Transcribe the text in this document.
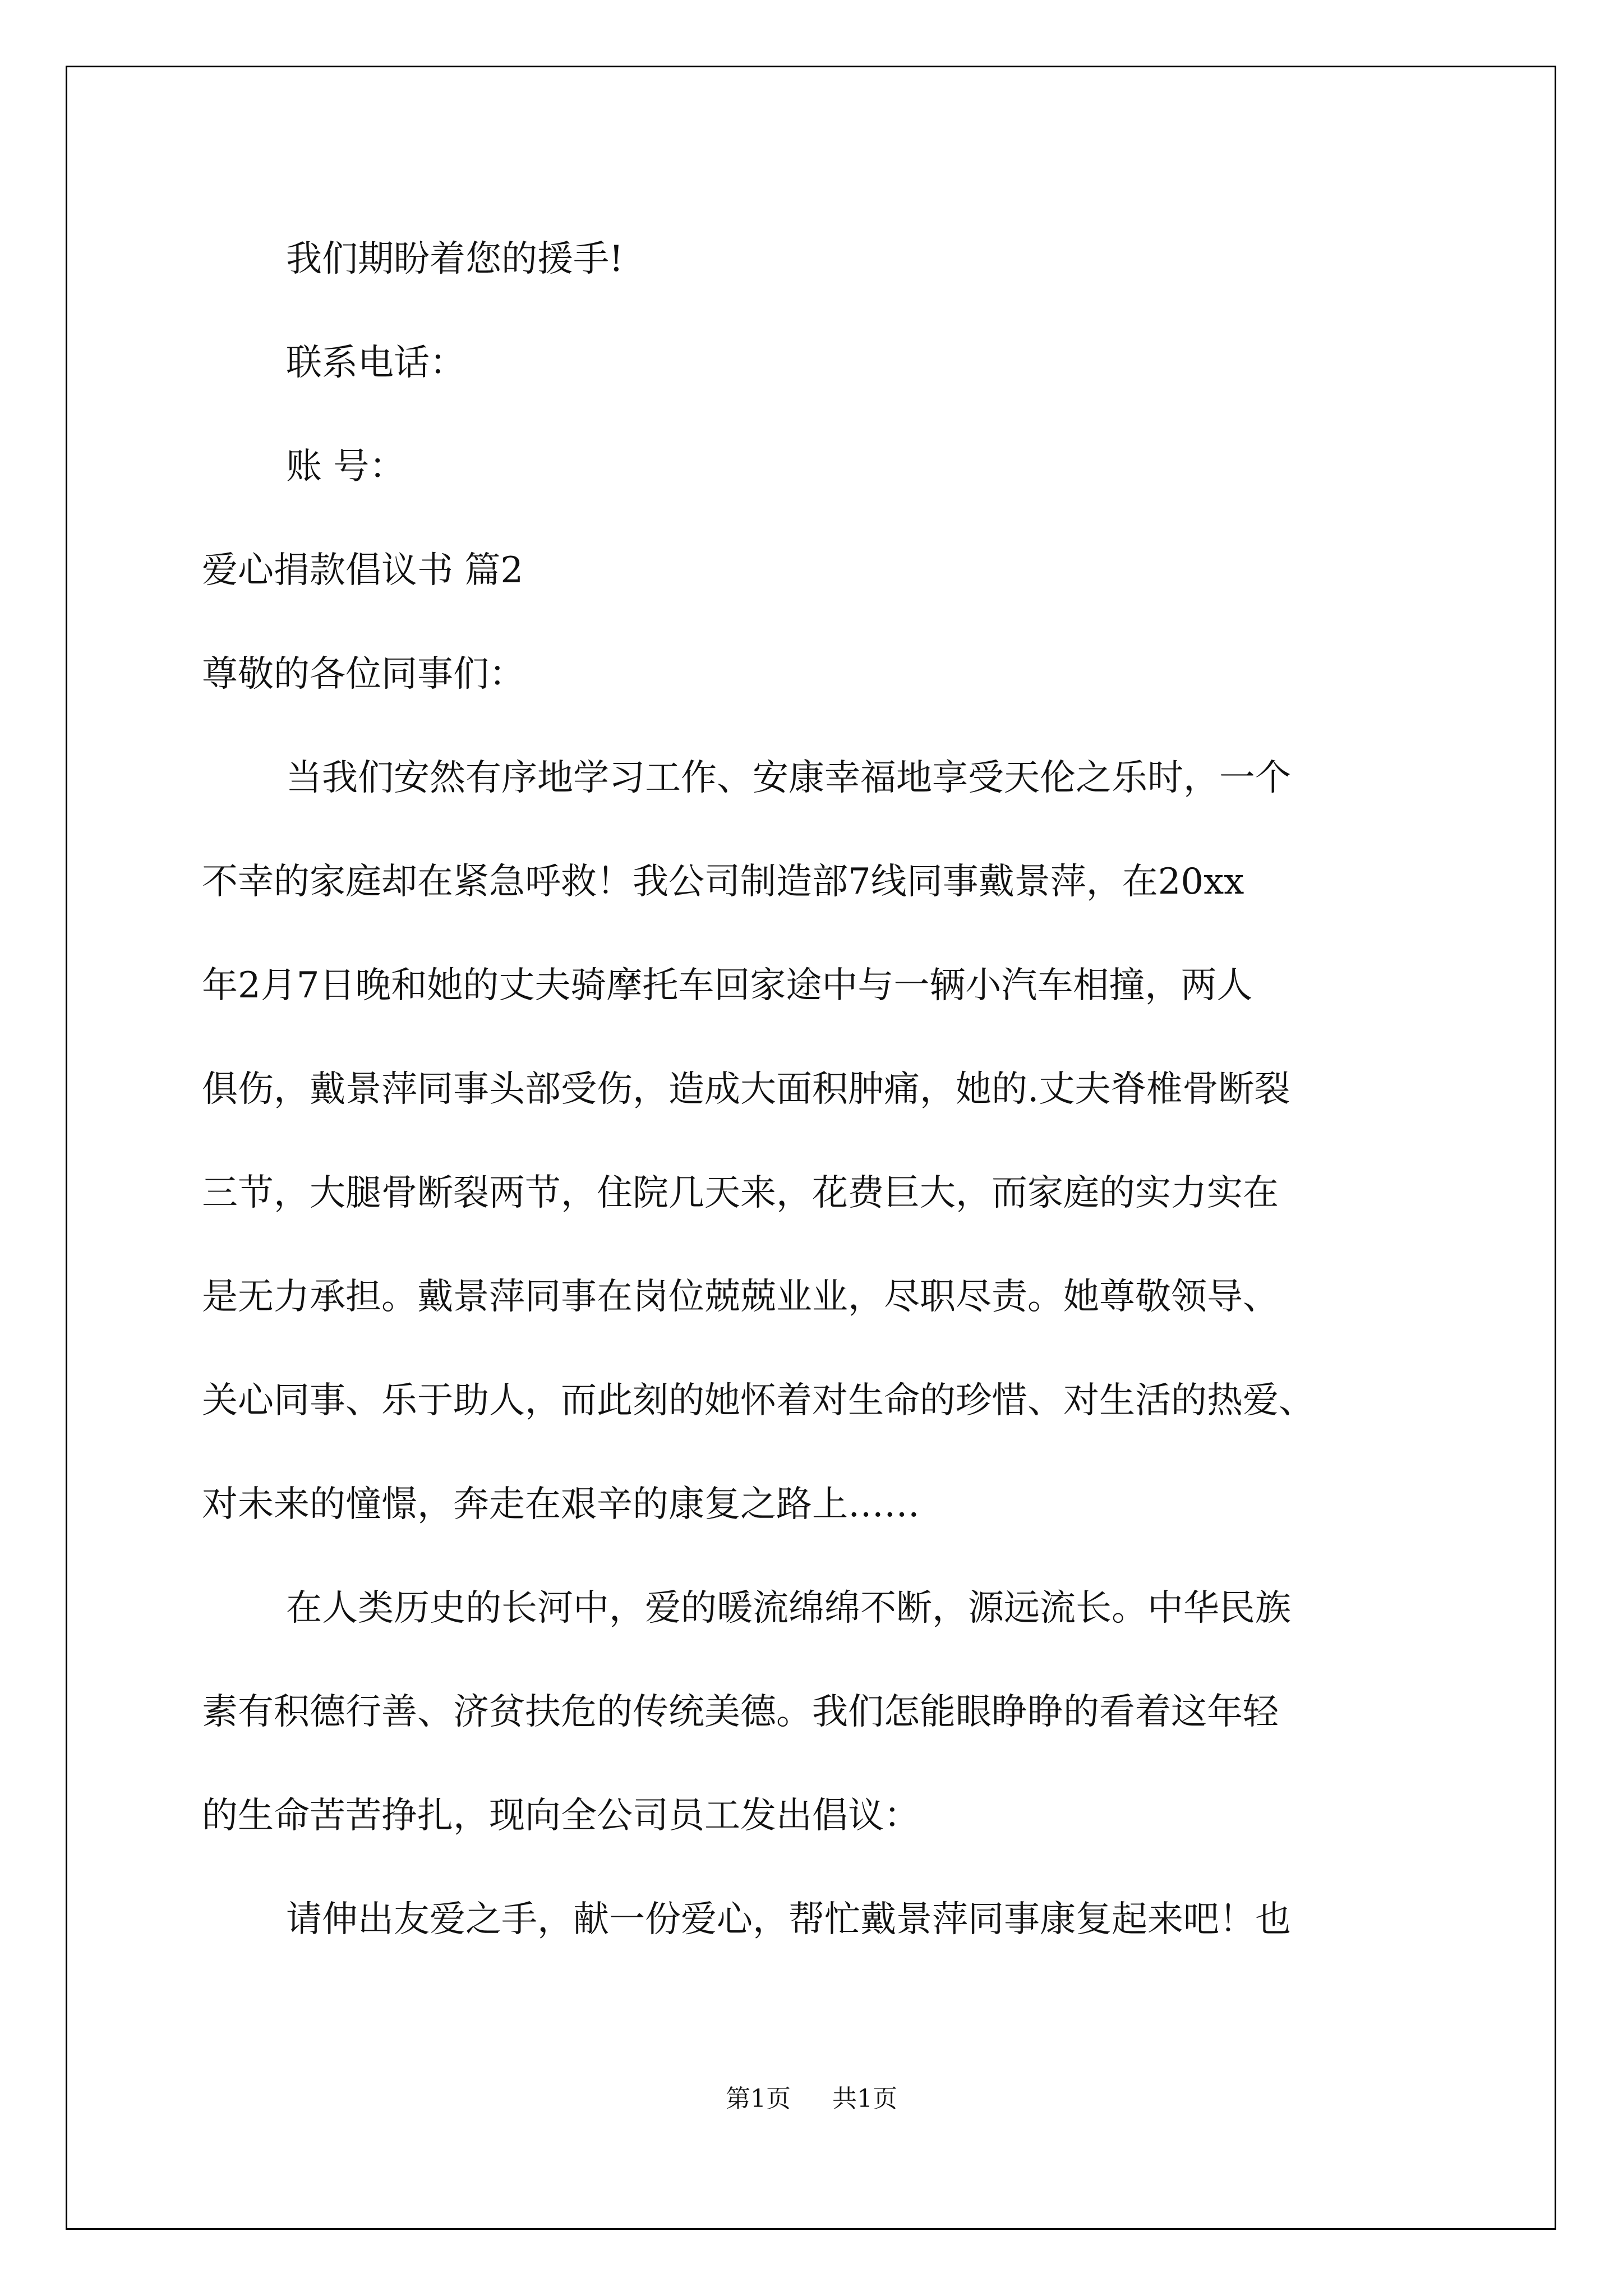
我们期盼着您的援手!
联系电话：
账 号：
爱心捐款倡议书 篇2
尊敬的各位同事们：
当我们安然有序地学习工作、安康幸福地享受天伦之乐时，一个
不幸的家庭却在紧急呼救！我公司制造部7线同事戴景萍，在20xx
年2月7日晚和她的丈夫骑摩托车回家途中与一辆小汽车相撞，两人
俱伤，戴景萍同事头部受伤，造成大面积肿痛，她的.丈夫脊椎骨断裂
三节，大腿骨断裂两节，住院几天来，花费巨大，而家庭的实力实在
是无力承担。戴景萍同事在岗位兢兢业业，尽职尽责。她尊敬领导、
关心同事、乐于助人，而此刻的她怀着对生命的珍惜、对生活的热爱、
对未来的憧憬，奔走在艰辛的康复之路上……
在人类历史的长河中，爱的暖流绵绵不断，源远流长。中华民族
素有积德行善、济贫扶危的传统美德。我们怎能眼睁睁的看着这年轻
的生命苦苦挣扎，现向全公司员工发出倡议：
请伸出友爱之手，献一份爱心，帮忙戴景萍同事康复起来吧！也
第1页 共1页
